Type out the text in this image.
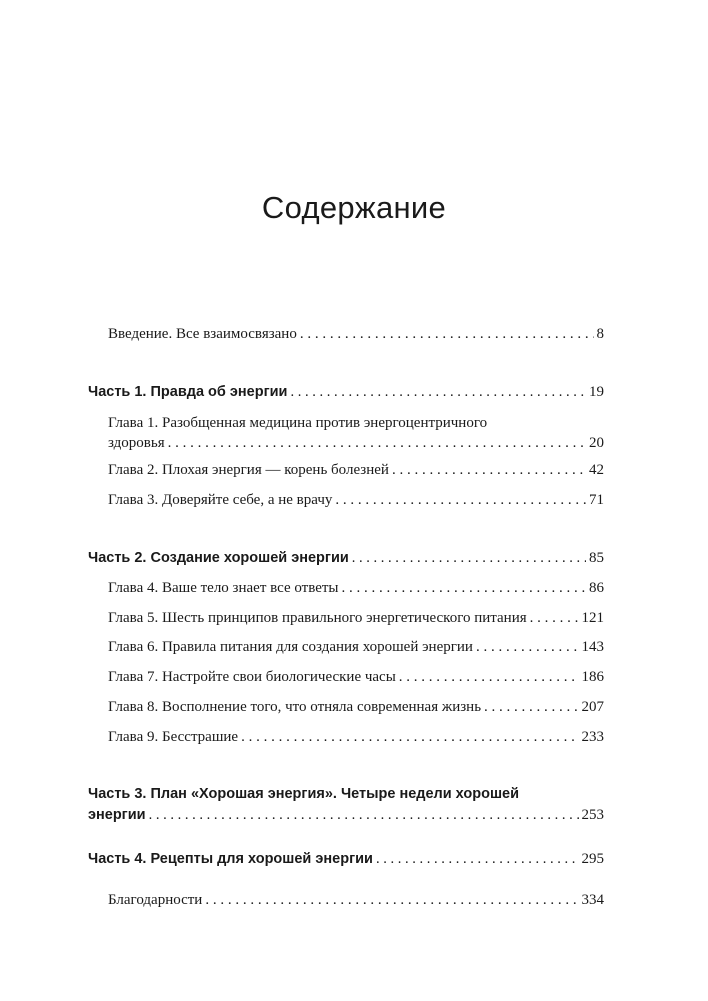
Содержание
Введение. Все взаимосвязано . . .	8
Часть 1. Правда об энергии . . .	19
Глава 1. Разобщенная медицина против энергоцентричного
здоровья . . .	20
Глава 2. Плохая энергия — корень болезней . . .	42
Глава 3. Доверяйте себе, а не врачу . . .	71
Часть 2. Создание хорошей энергии . . .	85
Глава 4. Ваше тело знает все ответы . . .	86
Глава 5. Шесть принципов правильного энергетического питания . . .	121
Глава 6. Правила питания для создания хорошей энергии . . .	143
Глава 7. Настройте свои биологические часы . . .	186
Глава 8. Восполнение того, что отняла современная жизнь . . .	207
Глава 9. Бесстрашие . . .	233
Часть 3. План «Хорошая энергия». Четыре недели хорошей
энергии . . .	253
Часть 4. Рецепты для хорошей энергии . . .	295
Благодарности . . .	334
